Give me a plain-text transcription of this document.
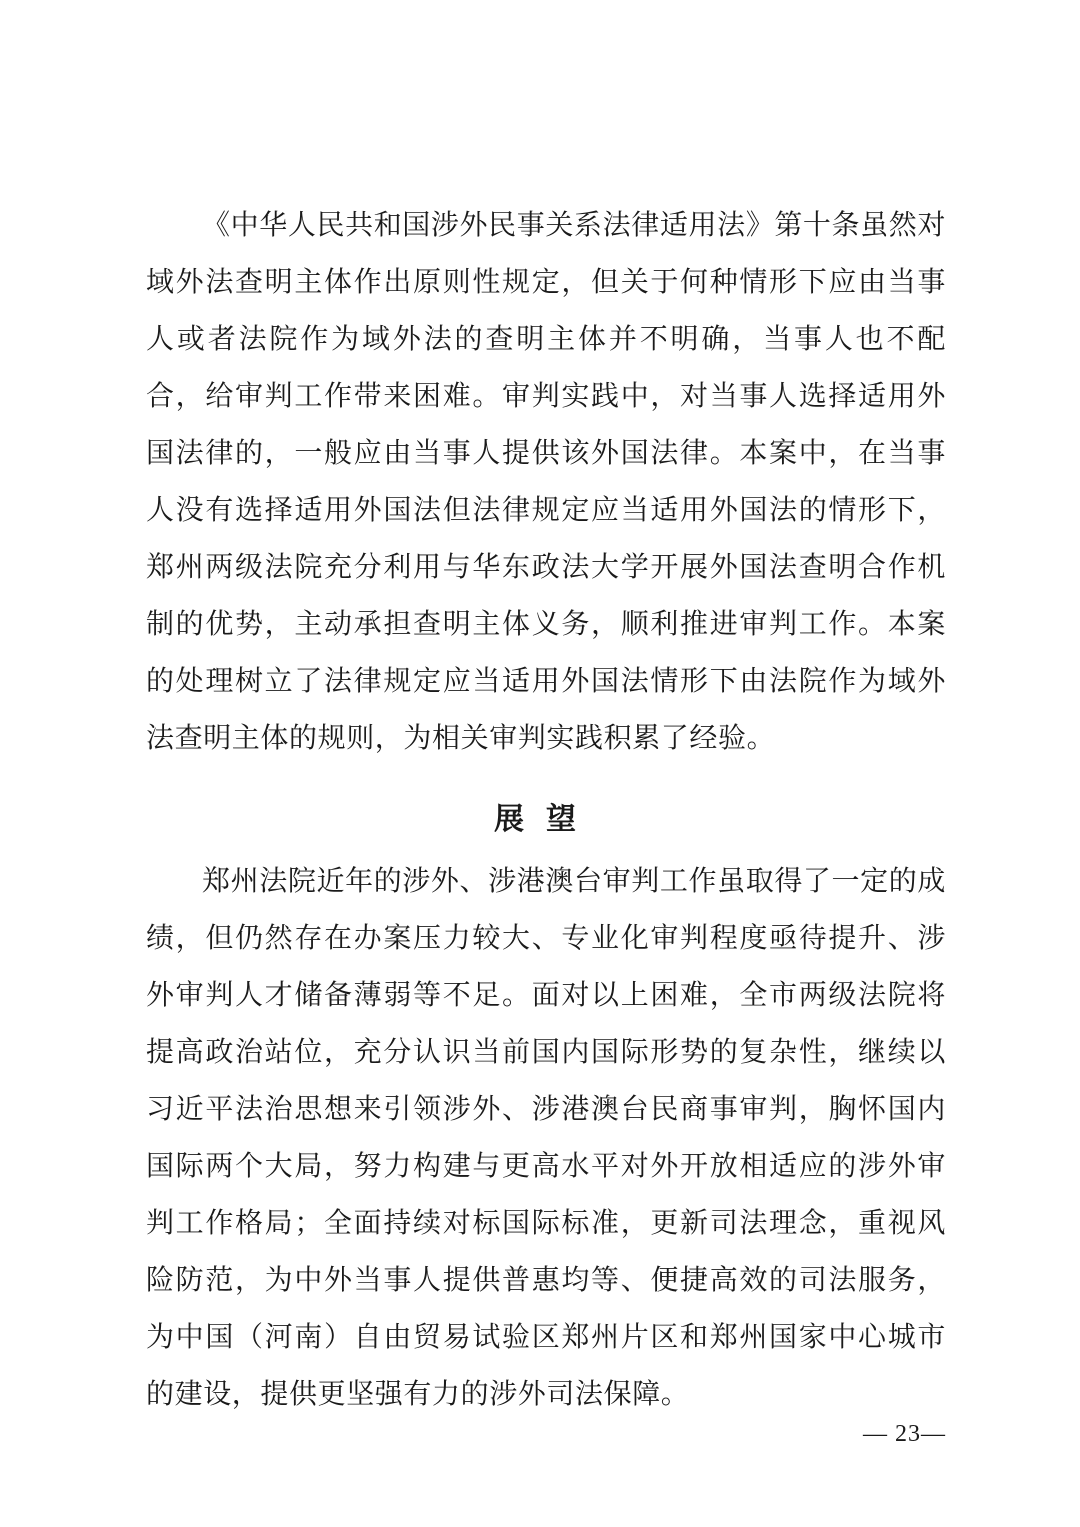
《中华人民共和国涉外民事关系法律适用法》第十条虽然对域外法查明主体作出原则性规定，但关于何种情形下应由当事人或者法院作为域外法的查明主体并不明确，当事人也不配合，给审判工作带来困难。审判实践中，对当事人选择适用外国法律的，一般应由当事人提供该外国法律。本案中，在当事人没有选择适用外国法但法律规定应当适用外国法的情形下，郑州两级法院充分利用与华东政法大学开展外国法查明合作机制的优势，主动承担查明主体义务，顺利推进审判工作。本案的处理树立了法律规定应当适用外国法情形下由法院作为域外法查明主体的规则，为相关审判实践积累了经验。

展望

郑州法院近年的涉外、涉港澳台审判工作虽取得了一定的成绩，但仍然存在办案压力较大、专业化审判程度亟待提升、涉外审判人才储备薄弱等不足。面对以上困难，全市两级法院将提高政治站位，充分认识当前国内国际形势的复杂性，继续以习近平法治思想来引领涉外、涉港澳台民商事审判，胸怀国内国际两个大局，努力构建与更高水平对外开放相适应的涉外审判工作格局；全面持续对标国际标准，更新司法理念，重视风险防范，为中外当事人提供普惠均等、便捷高效的司法服务，为中国（河南）自由贸易试验区郑州片区和郑州国家中心城市的建设，提供更坚强有力的涉外司法保障。

— 23—
